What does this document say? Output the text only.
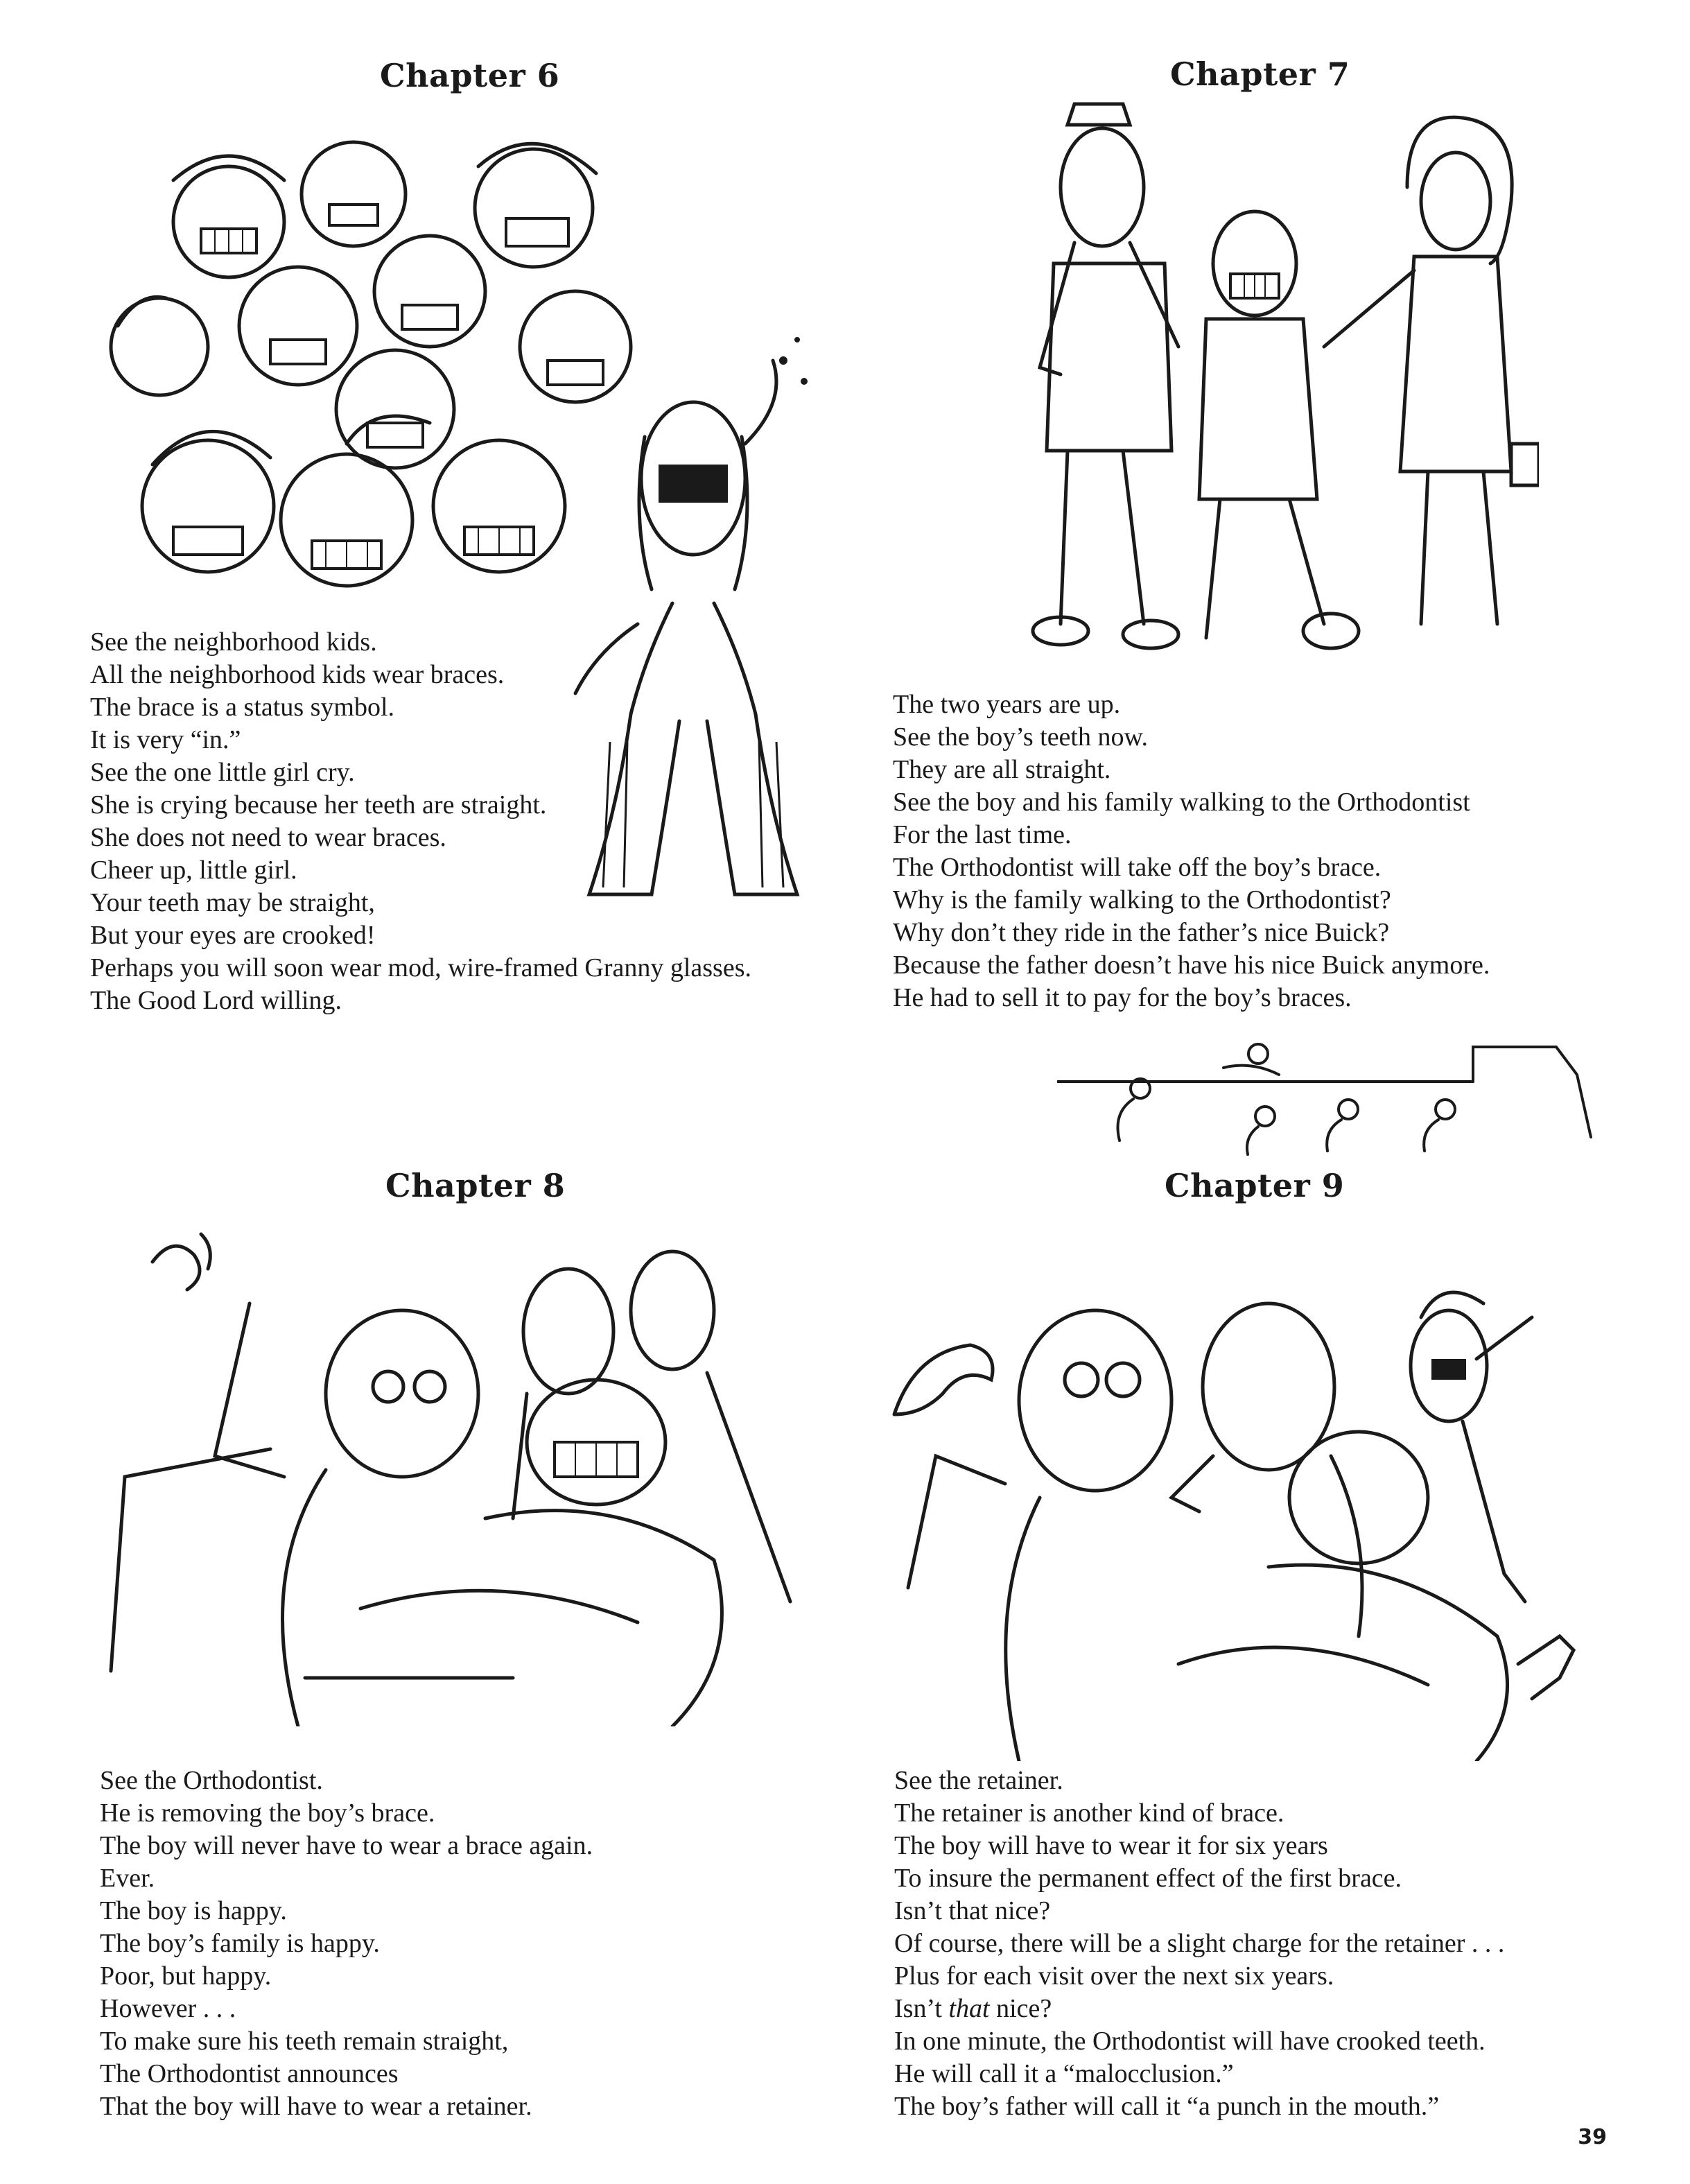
Chapter 6
See the neighborhood kids.
All the neighborhood kids wear braces.
The brace is a status symbol.
It is very “in.”
See the one little girl cry.
She is crying because her teeth are straight.
She does not need to wear braces.
Cheer up, little girl.
Your teeth may be straight,
But your eyes are crooked!
Perhaps you will soon wear mod, wire-framed Granny glasses.
The Good Lord willing.
Chapter 7
The two years are up.
See the boy’s teeth now.
They are all straight.
See the boy and his family walking to the Orthodontist
For the last time.
The Orthodontist will take off the boy’s brace.
Why is the family walking to the Orthodontist?
Why don’t they ride in the father’s nice Buick?
Because the father doesn’t have his nice Buick anymore.
He had to sell it to pay for the boy’s braces.
Chapter 8
See the Orthodontist.
He is removing the boy’s brace.
The boy will never have to wear a brace again.
Ever.
The boy is happy.
The boy’s family is happy.
Poor, but happy.
However . . .
To make sure his teeth remain straight,
The Orthodontist announces
That the boy will have to wear a retainer.
Chapter 9
See the retainer.
The retainer is another kind of brace.
The boy will have to wear it for six years
To insure the permanent effect of the first brace.
Isn’t that nice?
Of course, there will be a slight charge for the retainer . . .
Plus for each visit over the next six years.
Isn’t that nice?
In one minute, the Orthodontist will have crooked teeth.
He will call it a “malocclusion.”
The boy’s father will call it “a punch in the mouth.”
39
